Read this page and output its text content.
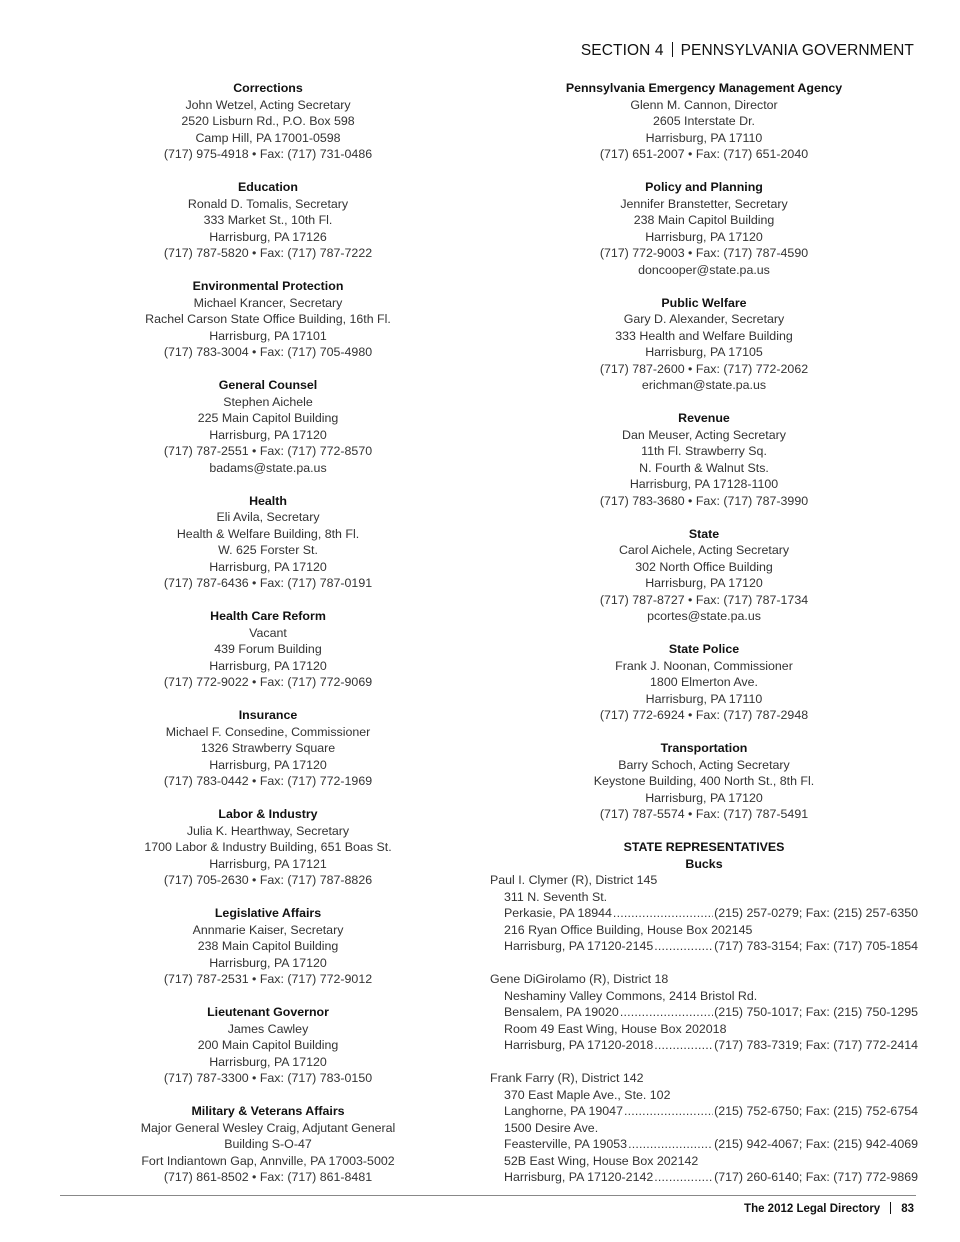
SECTION 4 PENNSYLVANIA GOVERNMENT
Corrections
John Wetzel, Acting Secretary
2520 Lisburn Rd., P.O. Box 598
Camp Hill, PA 17001-0598
(717) 975-4918 • Fax: (717) 731-0486
Education
Ronald D. Tomalis, Secretary
333 Market St., 10th Fl.
Harrisburg, PA 17126
(717) 787-5820 • Fax: (717) 787-7222
Environmental Protection
Michael Krancer, Secretary
Rachel Carson State Office Building, 16th Fl.
Harrisburg, PA 17101
(717) 783-3004 • Fax: (717) 705-4980
General Counsel
Stephen Aichele
225 Main Capitol Building
Harrisburg, PA 17120
(717) 787-2551 • Fax: (717) 772-8570
badams@state.pa.us
Health
Eli Avila, Secretary
Health & Welfare Building, 8th Fl.
W. 625 Forster St.
Harrisburg, PA 17120
(717) 787-6436 • Fax: (717) 787-0191
Health Care Reform
Vacant
439 Forum Building
Harrisburg, PA 17120
(717) 772-9022 • Fax: (717) 772-9069
Insurance
Michael F. Consedine, Commissioner
1326 Strawberry Square
Harrisburg, PA 17120
(717) 783-0442 • Fax: (717) 772-1969
Labor & Industry
Julia K. Hearthway, Secretary
1700 Labor & Industry Building, 651 Boas St.
Harrisburg, PA 17121
(717) 705-2630 • Fax: (717) 787-8826
Legislative Affairs
Annmarie Kaiser, Secretary
238 Main Capitol Building
Harrisburg, PA 17120
(717) 787-2531 • Fax: (717) 772-9012
Lieutenant Governor
James Cawley
200 Main Capitol Building
Harrisburg, PA 17120
(717) 787-3300 • Fax: (717) 783-0150
Military & Veterans Affairs
Major General Wesley Craig, Adjutant General
Building S-O-47
Fort Indiantown Gap, Annville, PA 17003-5002
(717) 861-8502 • Fax: (717) 861-8481
Pennsylvania Emergency Management Agency
Glenn M. Cannon, Director
2605 Interstate Dr.
Harrisburg, PA 17110
(717) 651-2007 • Fax: (717) 651-2040
Policy and Planning
Jennifer Branstetter, Secretary
238 Main Capitol Building
Harrisburg, PA 17120
(717) 772-9003 • Fax: (717) 787-4590
doncooper@state.pa.us
Public Welfare
Gary D. Alexander, Secretary
333 Health and Welfare Building
Harrisburg, PA 17105
(717) 787-2600 • Fax: (717) 772-2062
erichman@state.pa.us
Revenue
Dan Meuser, Acting Secretary
11th Fl. Strawberry Sq.
N. Fourth & Walnut Sts.
Harrisburg, PA 17128-1100
(717) 783-3680 • Fax: (717) 787-3990
State
Carol Aichele, Acting Secretary
302 North Office Building
Harrisburg, PA 17120
(717) 787-8727 • Fax: (717) 787-1734
pcortes@state.pa.us
State Police
Frank J. Noonan, Commissioner
1800 Elmerton Ave.
Harrisburg, PA 17110
(717) 772-6924 • Fax: (717) 787-2948
Transportation
Barry Schoch, Acting Secretary
Keystone Building, 400 North St., 8th Fl.
Harrisburg, PA 17120
(717) 787-5574 • Fax: (717) 787-5491
STATE REPRESENTATIVES
Bucks
Paul I. Clymer (R), District 145
311 N. Seventh St.
Perkasie, PA 18944 .....	(215) 257-0279; Fax: (215) 257-6350
216 Ryan Office Building, House Box 202145
Harrisburg, PA 17120-2145 .....	(717) 783-3154; Fax: (717) 705-1854
Gene DiGirolamo (R), District 18
Neshaminy Valley Commons, 2414 Bristol Rd.
Bensalem, PA 19020 .....	(215) 750-1017; Fax: (215) 750-1295
Room 49 East Wing, House Box 202018
Harrisburg, PA 17120-2018 .....	(717) 783-7319; Fax: (717) 772-2414
Frank Farry (R), District 142
370 East Maple Ave., Ste. 102
Langhorne, PA 19047 .....	(215) 752-6750; Fax: (215) 752-6754
1500 Desire Ave.
Feasterville, PA 19053 .....	(215) 942-4067; Fax: (215) 942-4069
52B East Wing, House Box 202142
Harrisburg, PA 17120-2142 .....	(717) 260-6140; Fax: (717) 772-9869
The 2012 Legal Directory 83
